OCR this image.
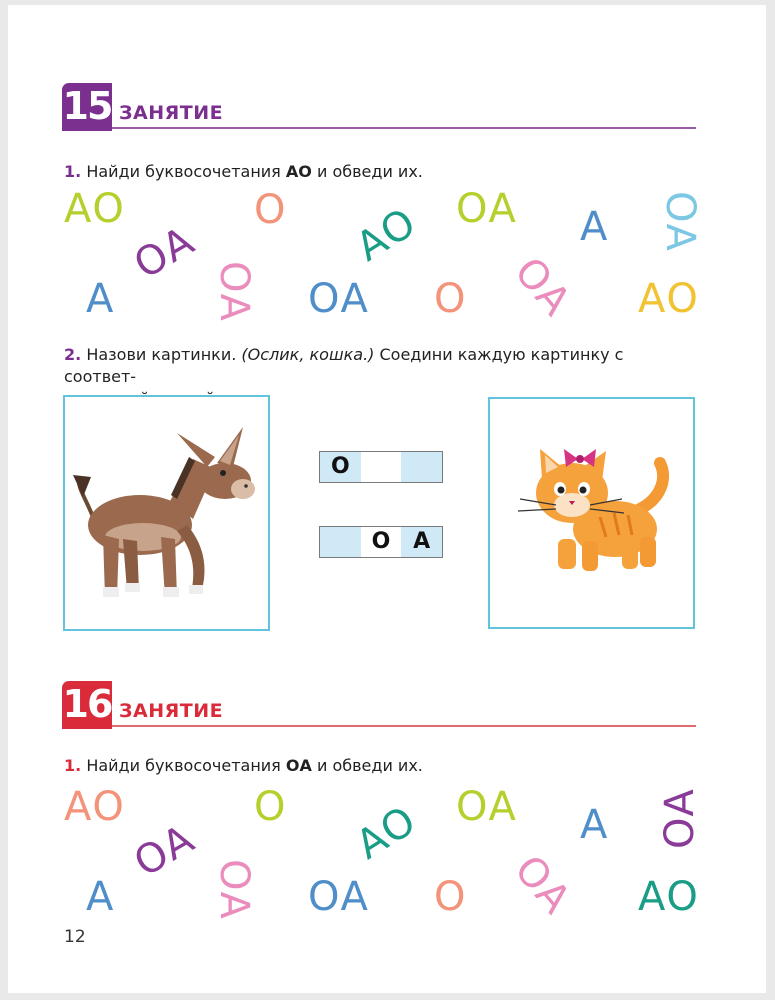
15 ЗАНЯТИЕ
1. Найди буквосочетания АО и обведи их.
АО
ОА
О АО ОА А ОА
А ОА ОА О ОА АО
2. Назови картинки. (Ослик, кошка.) Соедини каждую картинку с соответ-

О
О	А
16 ЗАНЯТИЕ
1. Найди буквосочетания ОА и обведи их.
АО
ОА
О АО ОА А ОА
А ОА ОА О ОА АО
12
